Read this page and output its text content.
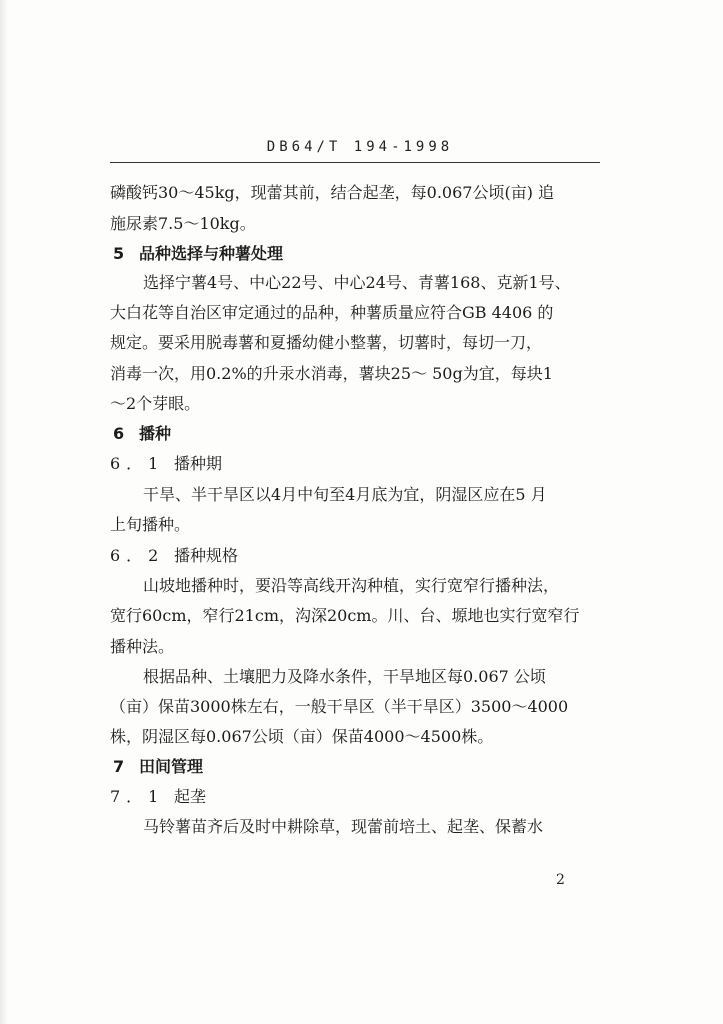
DB64/T 194-1998
磷酸钙30～45kg，现蕾其前，结合起垄，每0.067公顷(亩) 追
施尿素7.5～10kg。
5 品种选择与种薯处理
选择宁薯4号、中心22号、中心24号、青薯168、克新1号、
大白花等自治区审定通过的品种，种薯质量应符合GB 4406 的
规定。要采用脱毒薯和夏播幼健小整薯，切薯时，每切一刀，
消毒一次，用0.2%的升汞水消毒，薯块25～ 50g为宜，每块1
～2个芽眼。
6 播种
6．1 播种期
干旱、半干旱区以4月中旬至4月底为宜，阴湿区应在5 月
上旬播种。
6．2 播种规格
山坡地播种时，要沿等高线开沟种植，实行宽窄行播种法，
宽行60cm，窄行21cm，沟深20cm。川、台、塬地也实行宽窄行
播种法。
根据品种、土壤肥力及降水条件，干旱地区每0.067 公顷
（亩）保苗3000株左右，一般干旱区（半干旱区）3500～4000
株，阴湿区每0.067公顷（亩）保苗4000～4500株。
7 田间管理
7．1 起垄
马铃薯苗齐后及时中耕除草，现蕾前培土、起垄、保蓄水
2
